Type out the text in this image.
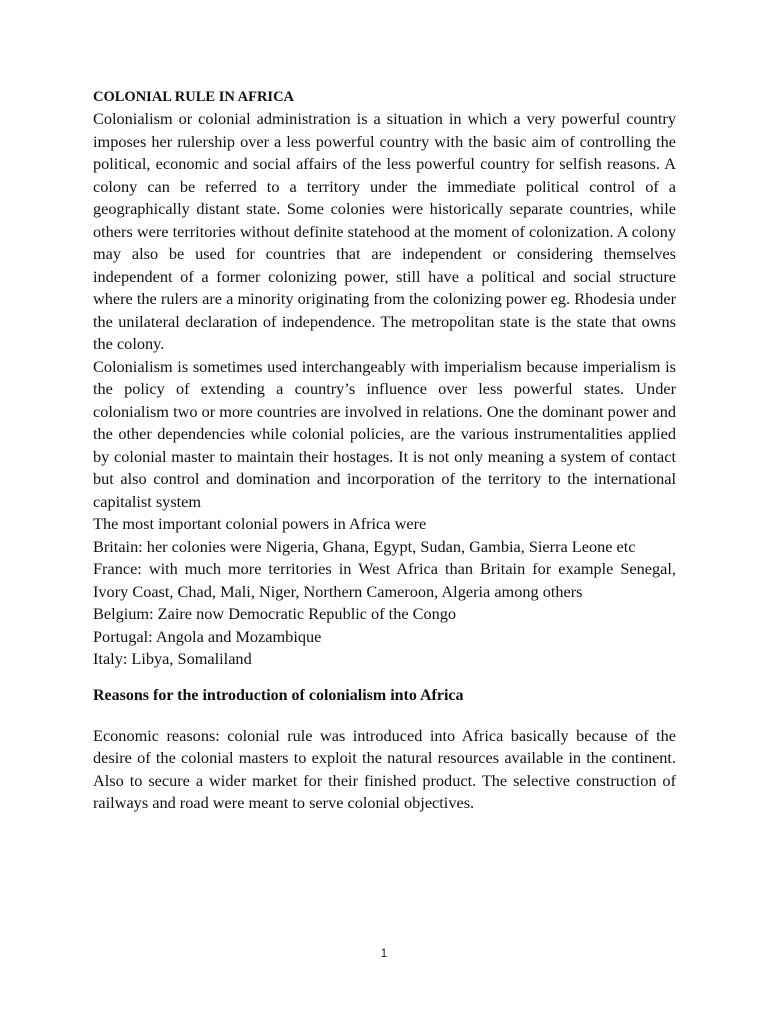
COLONIAL RULE IN AFRICA

Colonialism or colonial administration is a situation in which a very powerful country imposes her rulership over a less powerful country with the basic aim of controlling the political, economic and social affairs of the less powerful country for selfish reasons. A colony can be referred to a territory under the immediate political control of a geographically distant state. Some colonies were historically separate countries, while others were territories without definite statehood at the moment of colonization. A colony may also be used for countries that are independent or considering themselves independent of a former colonizing power, still have a political and social structure where the rulers are a minority originating from the colonizing power eg. Rhodesia under the unilateral declaration of independence. The metropolitan state is the state that owns the colony.

Colonialism is sometimes used interchangeably with imperialism because imperialism is the policy of extending a country’s influence over less powerful states. Under colonialism two or more countries are involved in relations. One the dominant power and the other dependencies while colonial policies, are the various instrumentalities applied by colonial master to maintain their hostages. It is not only meaning a system of contact but also control and domination and incorporation of the territory to the international capitalist system

The most important colonial powers in Africa were

Britain: her colonies were Nigeria, Ghana, Egypt, Sudan, Gambia, Sierra Leone etc
France: with much more territories in West Africa than Britain for example Senegal, Ivory Coast, Chad, Mali, Niger, Northern Cameroon, Algeria among others
Belgium: Zaire now Democratic Republic of the Congo
Portugal: Angola and Mozambique
Italy: Libya, Somaliland
Reasons for the introduction of colonialism into Africa

Economic reasons: colonial rule was introduced into Africa basically because of the desire of the colonial masters to exploit the natural resources available in the continent. Also to secure a wider market for their finished product. The selective construction of railways and road were meant to serve colonial objectives.

1
